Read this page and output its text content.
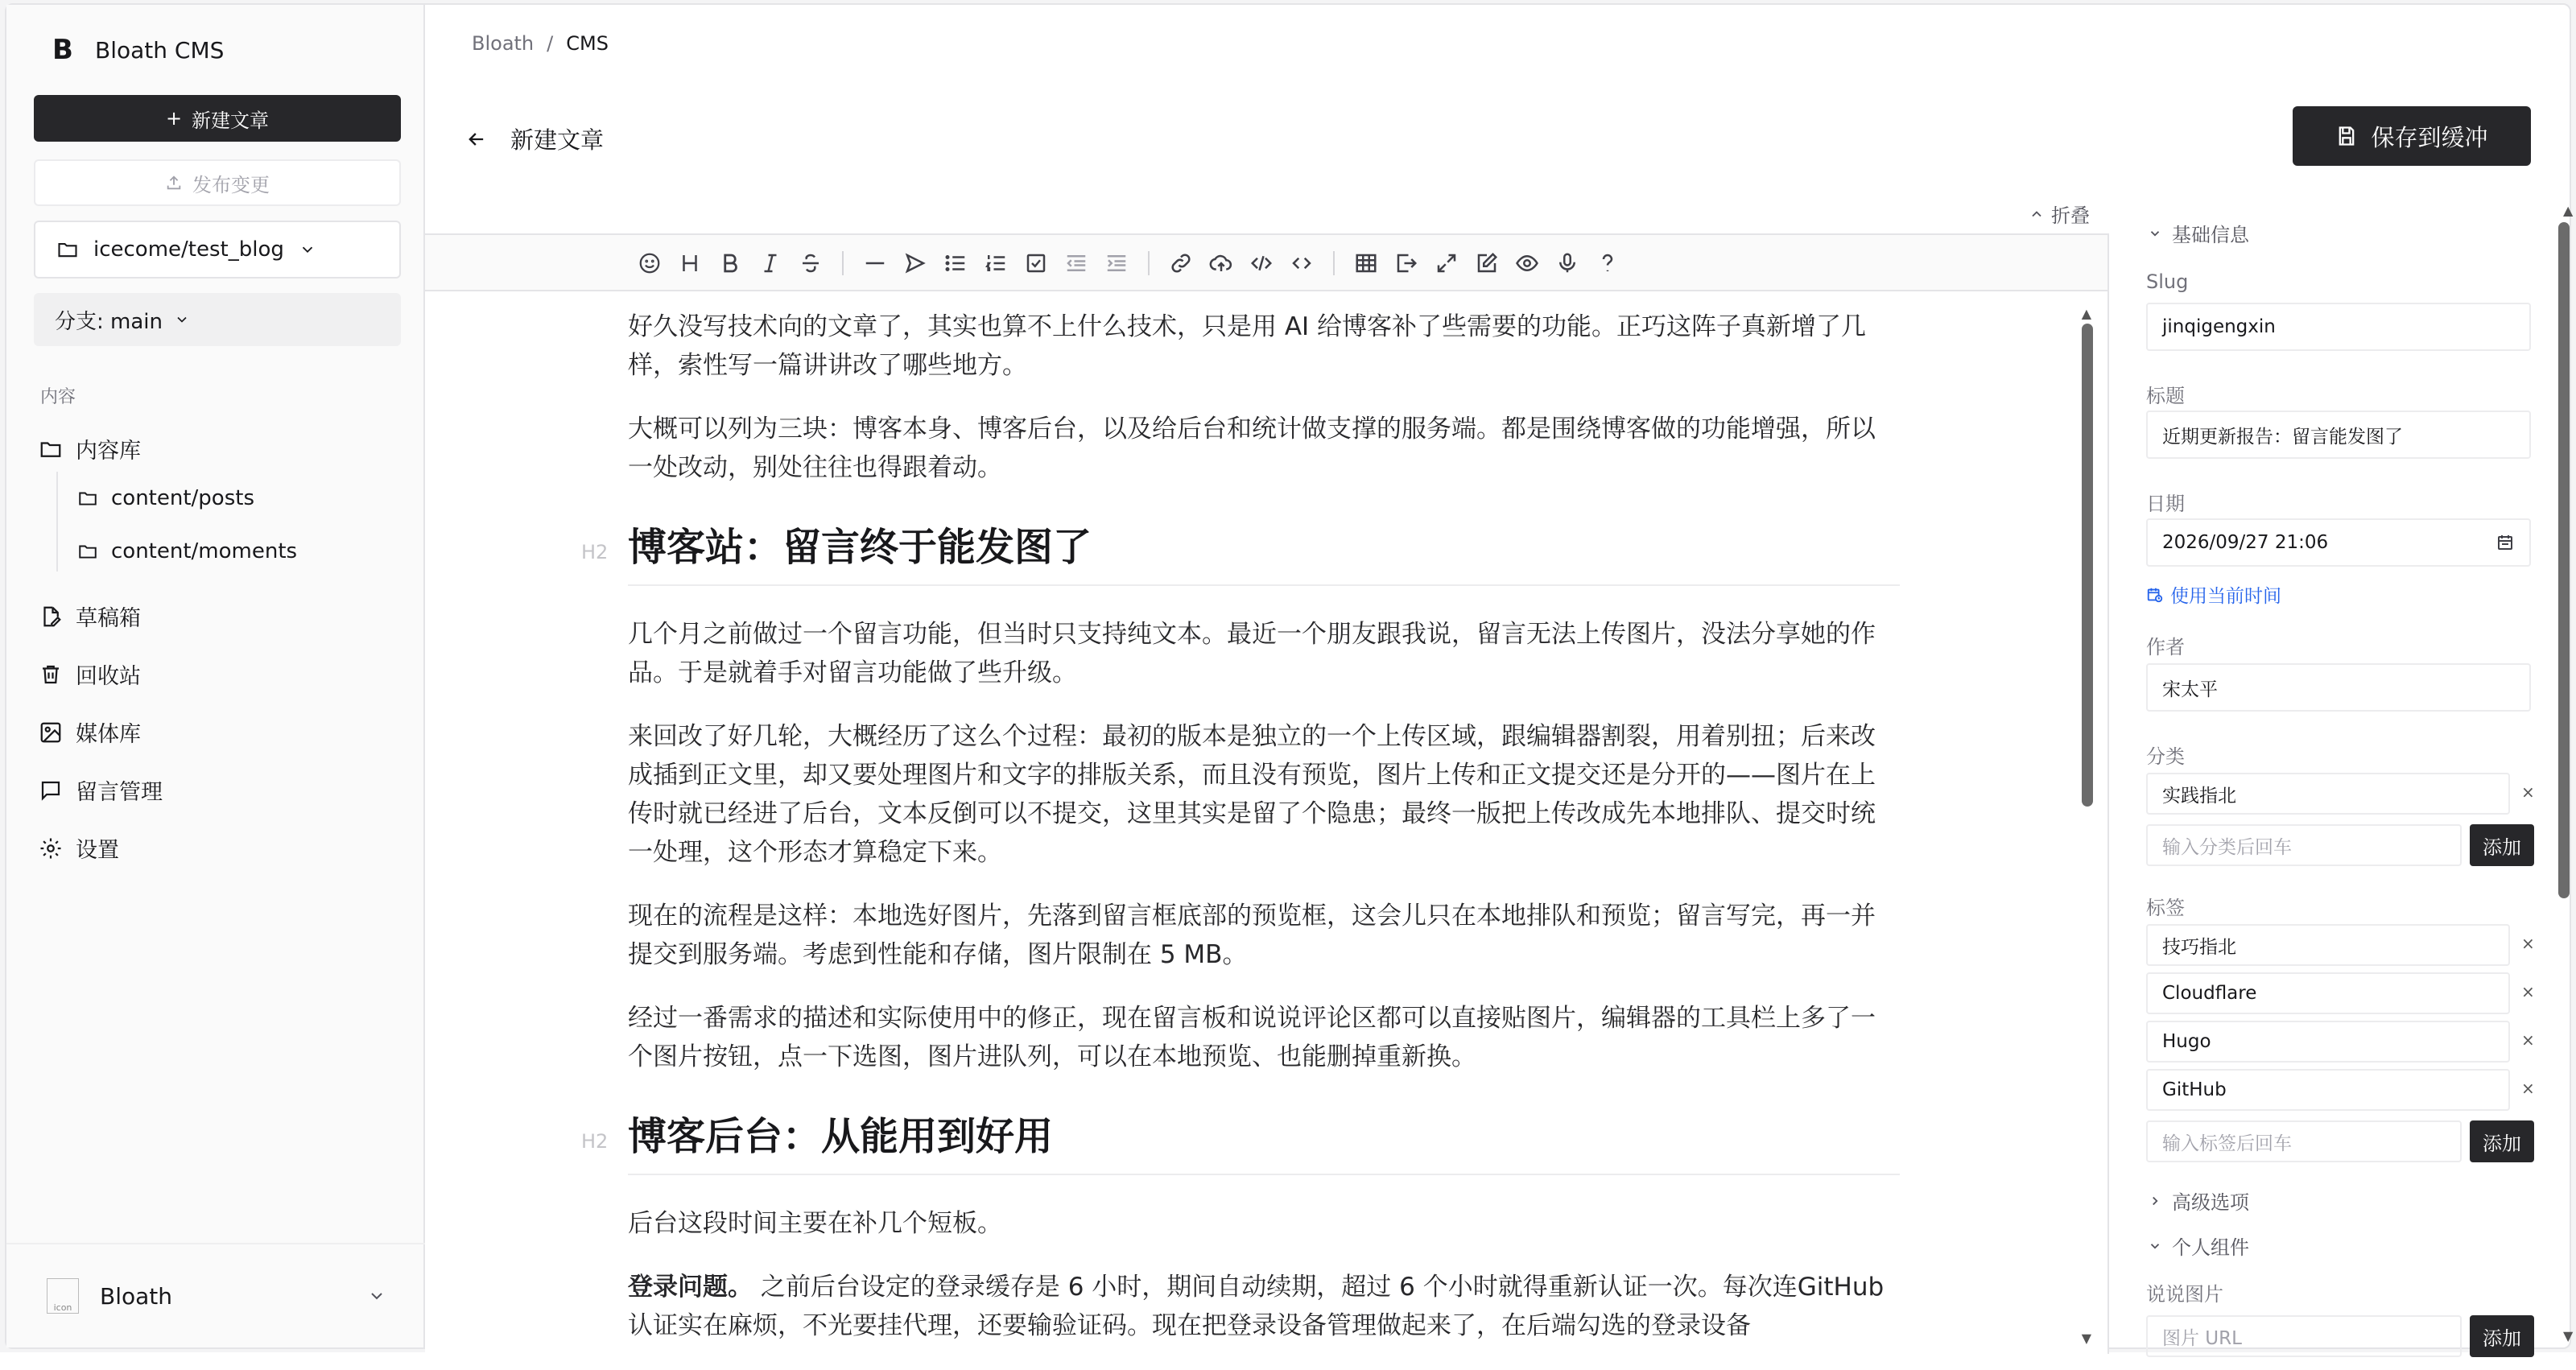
B Bloath CMS
+ 新建文章
发布变更
icecome/test_blog
分支: main
内容
内容库
content/posts
content/moments
草稿箱
回收站
媒体库
留言管理
设置
icon	Bloath
Bloath / CMS
新建文章	保存到缓冲
折叠

好久没写技术向的文章了，其实也算不上什么技术，只是用 AI 给博客补了些需要的功能。正巧这阵子真新增了几样，索性写一篇讲讲改了哪些地方。

大概可以列为三块：博客本身、博客后台，以及给后台和统计做支撑的服务端。都是围绕博客做的功能增强，所以一处改动，别处往往也得跟着动。

H2 博客站：留言终于能发图了

几个月之前做过一个留言功能，但当时只支持纯文本。最近一个朋友跟我说，留言无法上传图片，没法分享她的作品。于是就着手对留言功能做了些升级。

来回改了好几轮，大概经历了这么个过程：最初的版本是独立的一个上传区域，跟编辑器割裂，用着别扭；后来改成插到正文里，却又要处理图片和文字的排版关系，而且没有预览，图片上传和正文提交还是分开的——图片在上传时就已经进了后台，文本反倒可以不提交，这里其实是留了个隐患；最终一版把上传改成先本地排队、提交时统一处理，这个形态才算稳定下来。

现在的流程是这样：本地选好图片，先落到留言框底部的预览框，这会儿只在本地排队和预览；留言写完，再一并提交到服务端。考虑到性能和存储，图片限制在 5 MB。

经过一番需求的描述和实际使用中的修正，现在留言板和说说评论区都可以直接贴图片，编辑器的工具栏上多了一个图片按钮，点一下选图，图片进队列，可以在本地预览、也能删掉重新换。

H2 博客后台：从能用到好用

后台这段时间主要在补几个短板。

登录问题。 之前后台设定的登录缓存是 6 小时，期间自动续期，超过 6 个小时就得重新认证一次。每次连GitHub 认证实在麻烦，不光要挂代理，还要输验证码。现在把登录设备管理做起来了，在后端勾选的登录设备

▲
▼
基础信息
Slug
jinqigengxin
标题
近期更新报告：留言能发图了
日期
2026/09/27 21:06
使用当前时间
作者
宋太平
分类
实践指北	×
输入分类后回车	添加
标签
技巧指北	×
Cloudflare	×
Hugo	×
GitHub	×
输入标签后回车	添加
高级选项
个人组件
说说图片
图片 URL	添加
▲
▼
